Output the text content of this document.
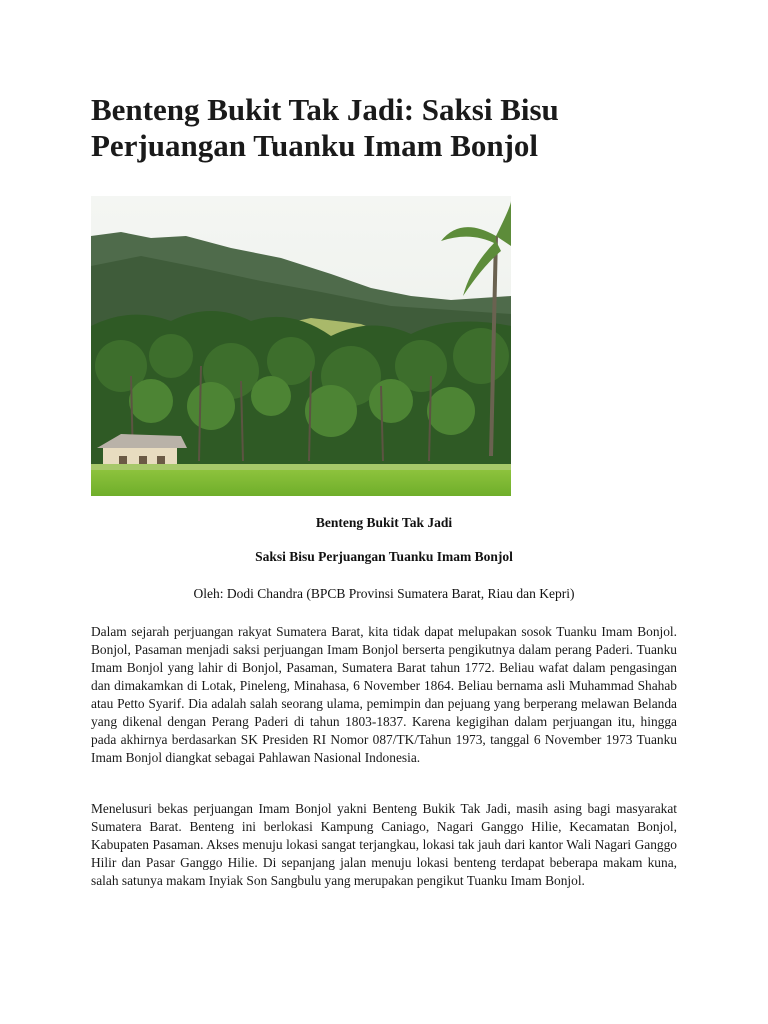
Benteng Bukit Tak Jadi: Saksi Bisu Perjuangan Tuanku Imam Bonjol

Benteng Bukit Tak Jadi

Saksi Bisu Perjuangan Tuanku Imam Bonjol

Oleh: Dodi Chandra (BPCB Provinsi Sumatera Barat, Riau dan Kepri)

Dalam sejarah perjuangan rakyat Sumatera Barat, kita tidak dapat melupakan sosok Tuanku Imam Bonjol. Bonjol, Pasaman menjadi saksi perjuangan Imam Bonjol berserta pengikutnya dalam perang Paderi. Tuanku Imam Bonjol yang lahir di Bonjol, Pasaman, Sumatera Barat tahun 1772. Beliau wafat dalam pengasingan dan dimakamkan di Lotak, Pineleng, Minahasa, 6 November 1864. Beliau bernama asli Muhammad Shahab atau Petto Syarif. Dia adalah salah seorang ulama, pemimpin dan pejuang yang berperang melawan Belanda yang dikenal dengan Perang Paderi di tahun 1803-1837. Karena kegigihan dalam perjuangan itu, hingga pada akhirnya berdasarkan SK Presiden RI Nomor 087/TK/Tahun 1973, tanggal 6 November 1973 Tuanku Imam Bonjol diangkat sebagai Pahlawan Nasional Indonesia.

Menelusuri bekas perjuangan Imam Bonjol yakni Benteng Bukik Tak Jadi, masih asing bagi masyarakat Sumatera Barat. Benteng ini berlokasi Kampung Caniago, Nagari Ganggo Hilie, Kecamatan Bonjol, Kabupaten Pasaman. Akses menuju lokasi sangat terjangkau, lokasi tak jauh dari kantor Wali Nagari Ganggo Hilir dan Pasar Ganggo Hilie. Di sepanjang jalan menuju lokasi benteng terdapat beberapa makam kuna, salah satunya makam Inyiak Son Sangbulu yang merupakan pengikut Tuanku Imam Bonjol.
